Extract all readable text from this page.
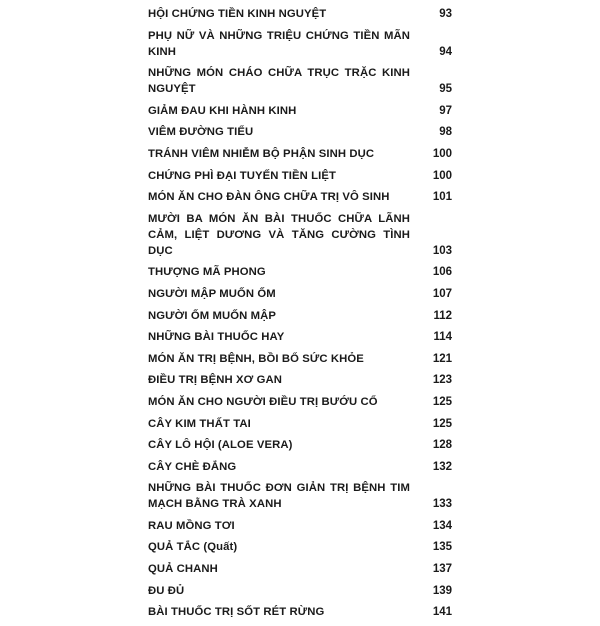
HỘI CHỨNG TIỀN KINH NGUYỆT	93
PHỤ NỮ VÀ NHỮNG TRIỆU CHỨNG TIỀN MÃN KINH	94
NHỮNG MÓN CHÁO CHỮA TRỤC TRẶC KINH NGUYỆT	95
GIẢM ĐAU KHI HÀNH KINH	97
VIÊM ĐƯỜNG TIỂU	98
TRÁNH VIÊM NHIỄM BỘ PHẬN SINH DỤC	100
CHỨNG PHÌ ĐẠI TUYẾN TIỀN LIỆT	100
MÓN ĂN CHO ĐÀN ÔNG CHỮA TRỊ VÔ SINH	101
MƯỜI BA MÓN ĂN BÀI THUỐC CHỮA LÃNH CẢM, LIỆT DƯƠNG VÀ TĂNG CƯỜNG TÌNH DỤC	103
THƯỢNG MÃ PHONG	106
NGƯỜI MẬP MUỐN ỐM	107
NGƯỜI ỐM MUỐN MẬP	112
NHỮNG BÀI THUỐC HAY	114
MÓN ĂN TRỊ BỆNH, BỒI BỔ SỨC KHỎE	121
ĐIỀU TRỊ BỆNH XƠ GAN	123
MÓN ĂN CHO NGƯỜI ĐIỀU TRỊ BƯỚU CỔ	125
CÂY KIM THẤT TAI	125
CÂY LÔ HỘI (ALOE VERA)	128
CÂY CHÈ ĐẮNG	132
NHỮNG BÀI THUỐC ĐƠN GIẢN TRỊ BỆNH TIM MẠCH BẰNG TRÀ XANH	133
RAU MỒNG TƠI	134
QUẢ TẮC (Quất)	135
QUẢ CHANH	137
ĐU ĐỦ	139
BÀI THUỐC TRỊ SỐT RÉT RỪNG	141
